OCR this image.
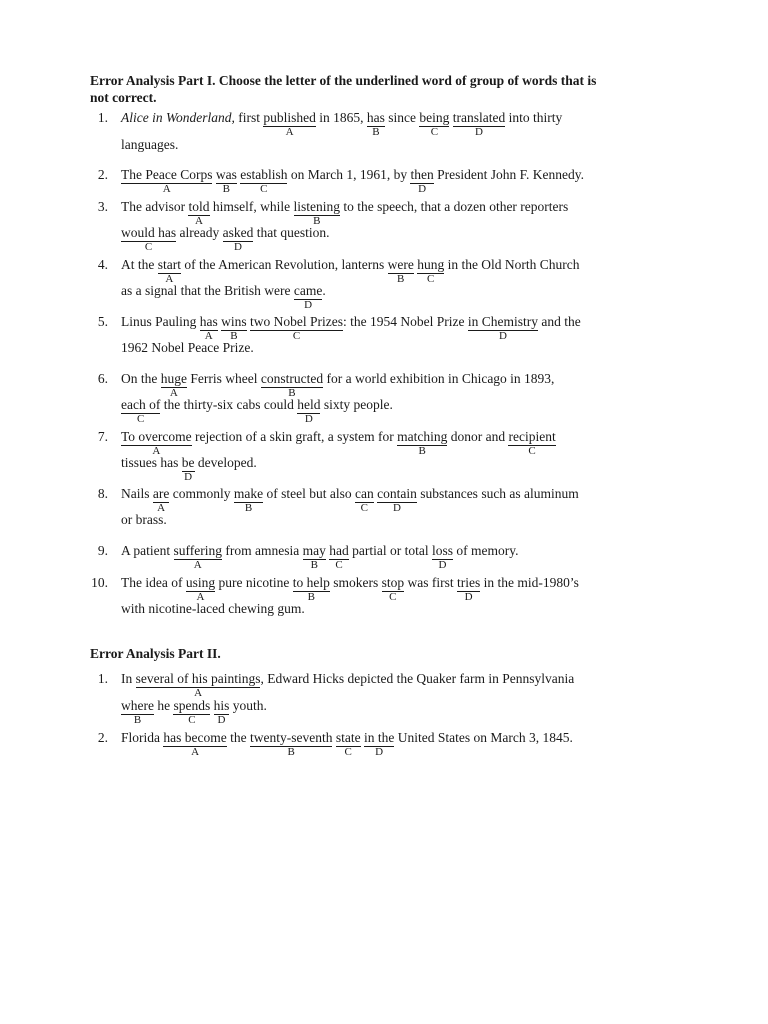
Error Analysis Part I. Choose the letter of the underlined word of group of words that is
not correct.
1. Alice in Wonderland, first published
A
in 1865, has
B
since being
C
translated
D
into thirty
languages.
2. The Peace Corps
A
was
B
establish
C
on March 1, 1961, by then
D
President John F. Kennedy.
3. The advisor told
A
himself, while listening
B
to the speech, that a dozen other reporters
would has
C
already asked
D
that question.
4. At the start
A
of the American Revolution, lanterns were
B
hung
C
in the Old North Church
as a signal that the British were came
D
.
5. Linus Pauling has
A
wins
B
two Nobel Prizes
C
: the 1954 Nobel Prize in Chemistry
D
and the
1962 Nobel Peace Prize.
6. On the huge
A
Ferris wheel constructed
B
for a world exhibition in Chicago in 1893,
each of
C
the thirty-six cabs could held
D
sixty people.
7. To overcome
A
rejection of a skin graft, a system for matching
B
donor and recipient
C
tissues has be
D
developed.
8. Nails are
A
commonly make
B
of steel but also can
C
contain
D
substances such as aluminum
or brass.
9. A patient suffering
A
from amnesia may
B
had
C
partial or total loss
D
of memory.
10. The idea of using
A
pure nicotine to help
B
smokers stop
C
was first tries
D
in the mid-1980’s
with nicotine-laced chewing gum.
Error Analysis Part II.
1. In several of his paintings
A
, Edward Hicks depicted the Quaker farm in Pennsylvania
where
B
he spends
C
his
D
youth.
2. Florida has become
A
the twenty-seventh
B
state
C
in the
D
United States on March 3, 1845.
